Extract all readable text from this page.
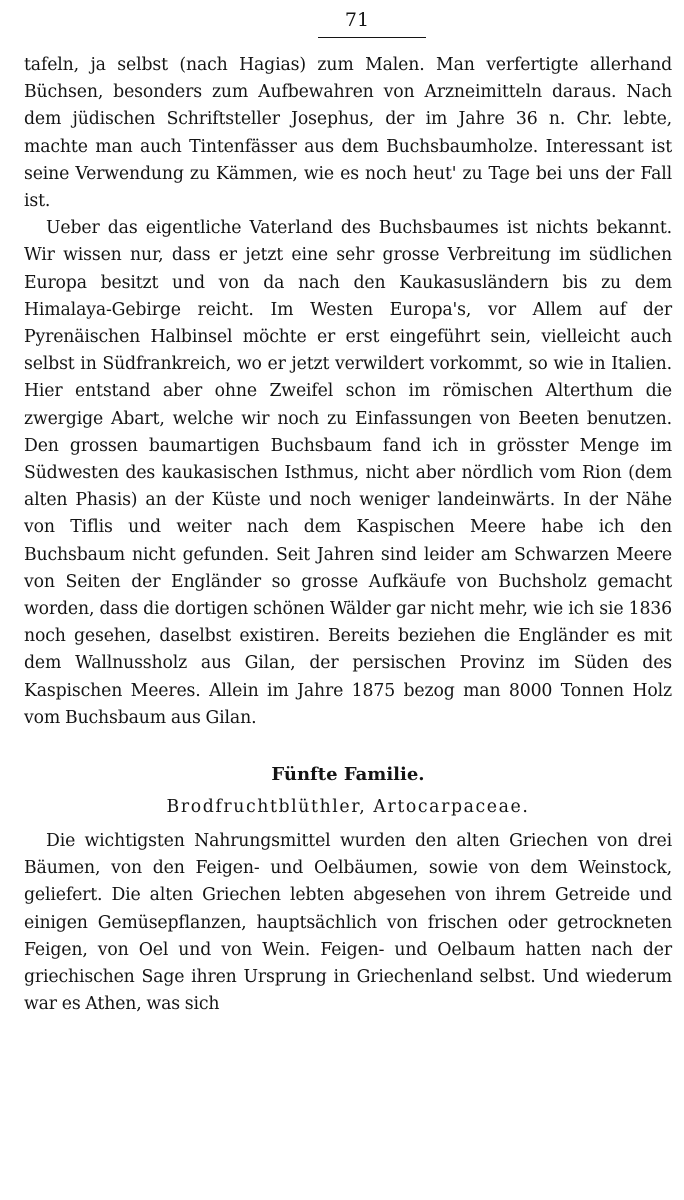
71

tafeln, ja selbst (nach Hagias) zum Malen. Man verfertigte allerhand Büchsen, besonders zum Aufbewahren von Arzneimitteln daraus. Nach dem jüdischen Schriftsteller Josephus, der im Jahre 36 n. Chr. lebte, machte man auch Tintenfässer aus dem Buchsbaumholze. Interessant ist seine Verwendung zu Kämmen, wie es noch heut' zu Tage bei uns der Fall ist.

Ueber das eigentliche Vaterland des Buchsbaumes ist nichts bekannt. Wir wissen nur, dass er jetzt eine sehr grosse Verbreitung im südlichen Europa besitzt und von da nach den Kaukasusländern bis zu dem Himalaya-Gebirge reicht. Im Westen Europa's, vor Allem auf der Pyrenäischen Halbinsel möchte er erst eingeführt sein, vielleicht auch selbst in Südfrankreich, wo er jetzt verwildert vorkommt, so wie in Italien. Hier entstand aber ohne Zweifel schon im römischen Alterthum die zwergige Abart, welche wir noch zu Einfassungen von Beeten benutzen. Den grossen baumartigen Buchsbaum fand ich in grösster Menge im Südwesten des kaukasischen Isthmus, nicht aber nördlich vom Rion (dem alten Phasis) an der Küste und noch weniger landeinwärts. In der Nähe von Tiflis und weiter nach dem Kaspischen Meere habe ich den Buchsbaum nicht gefunden. Seit Jahren sind leider am Schwarzen Meere von Seiten der Engländer so grosse Aufkäufe von Buchsholz gemacht worden, dass die dortigen schönen Wälder gar nicht mehr, wie ich sie 1836 noch gesehen, daselbst existiren. Bereits beziehen die Engländer es mit dem Wallnussholz aus Gilan, der persischen Provinz im Süden des Kaspischen Meeres. Allein im Jahre 1875 bezog man 8000 Tonnen Holz vom Buchsbaum aus Gilan.

Fünfte Familie.
Brodfruchtblüthler, Artocarpaceae.

Die wichtigsten Nahrungsmittel wurden den alten Griechen von drei Bäumen, von den Feigen- und Oelbäumen, sowie von dem Weinstock, geliefert. Die alten Griechen lebten abgesehen von ihrem Getreide und einigen Gemüsepflanzen, hauptsächlich von frischen oder getrockneten Feigen, von Oel und von Wein. Feigen- und Oelbaum hatten nach der griechischen Sage ihren Ursprung in Griechenland selbst. Und wiederum war es Athen, was sich
